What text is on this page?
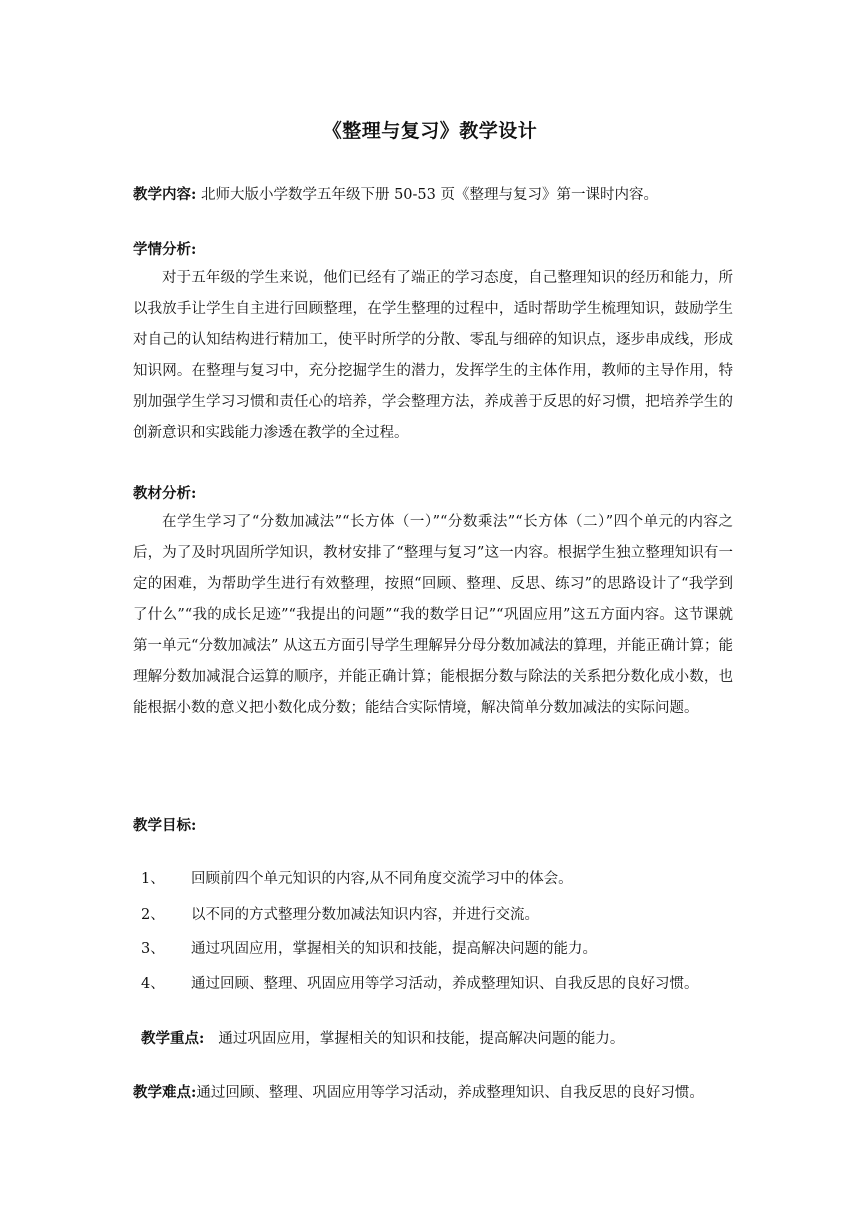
《整理与复习》教学设计
教学内容: 北师大版小学数学五年级下册 50-53 页《整理与复习》第一课时内容。
学情分析:
对于五年级的学生来说，他们已经有了端正的学习态度，自己整理知识的经历和能力，所以我放手让学生自主进行回顾整理，在学生整理的过程中，适时帮助学生梳理知识，鼓励学生对自己的认知结构进行精加工，使平时所学的分散、零乱与细碎的知识点，逐步串成线，形成知识网。在整理与复习中，充分挖掘学生的潜力，发挥学生的主体作用，教师的主导作用，特别加强学生学习习惯和责任心的培养，学会整理方法，养成善于反思的好习惯，把培养学生的创新意识和实践能力渗透在教学的全过程。
教材分析:
在学生学习了“分数加减法”“长方体（一）”“分数乘法”“长方体（二）”四个单元的内容之后，为了及时巩固所学知识，教材安排了“整理与复习”这一内容。根据学生独立整理知识有一定的困难，为帮助学生进行有效整理，按照“回顾、整理、反思、练习”的思路设计了“我学到了什么”“我的成长足迹”“我提出的问题”“我的数学日记”“巩固应用”这五方面内容。这节课就第一单元“分数加减法” 从这五方面引导学生理解异分母分数加减法的算理，并能正确计算；能理解分数加减混合运算的顺序，并能正确计算；能根据分数与除法的关系把分数化成小数，也能根据小数的意义把小数化成分数；能结合实际情境，解决简单分数加减法的实际问题。
教学目标:
1、 回顾前四个单元知识的内容,从不同角度交流学习中的体会。
2、 以不同的方式整理分数加减法知识内容，并进行交流。
3、 通过巩固应用，掌握相关的知识和技能，提高解决问题的能力。
4、 通过回顾、整理、巩固应用等学习活动，养成整理知识、自我反思的良好习惯。
教学重点: 通过巩固应用，掌握相关的知识和技能，提高解决问题的能力。
教学难点:通过回顾、整理、巩固应用等学习活动，养成整理知识、自我反思的良好习惯。
